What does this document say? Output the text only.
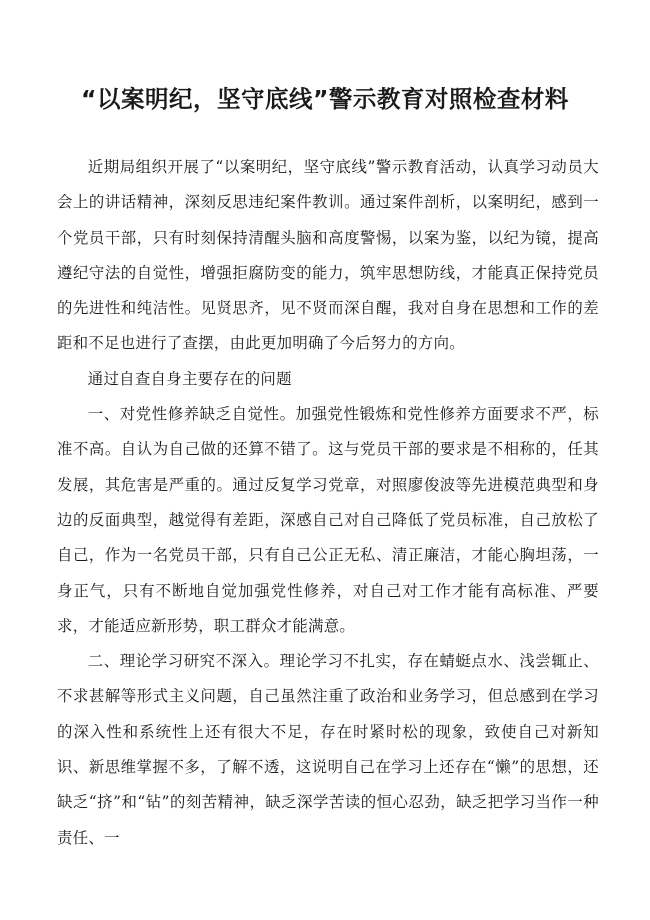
“以案明纪，坚守底线”警示教育对照检查材料

近期局组织开展了“以案明纪，坚守底线”警示教育活动，认真学习动员大会上的讲话精神，深刻反思违纪案件教训。通过案件剖析，以案明纪，感到一个党员干部，只有时刻保持清醒头脑和高度警惕，以案为鉴，以纪为镜，提高遵纪守法的自觉性，增强拒腐防变的能力，筑牢思想防线，才能真正保持党员的先进性和纯洁性。见贤思齐，见不贤而深自醒，我对自身在思想和工作的差距和不足也进行了查摆，由此更加明确了今后努力的方向。

通过自查自身主要存在的问题

一、对党性修养缺乏自觉性。加强党性锻炼和党性修养方面要求不严，标准不高。自认为自己做的还算不错了。这与党员干部的要求是不相称的，任其发展，其危害是严重的。通过反复学习党章，对照廖俊波等先进模范典型和身边的反面典型，越觉得有差距，深感自己对自己降低了党员标准，自己放松了自己，作为一名党员干部，只有自己公正无私、清正廉洁，才能心胸坦荡，一身正气，只有不断地自觉加强党性修养，对自己对工作才能有高标准、严要求，才能适应新形势，职工群众才能满意。

二、理论学习研究不深入。理论学习不扎实，存在蜻蜓点水、浅尝辄止、不求甚解等形式主义问题，自己虽然注重了政治和业务学习，但总感到在学习的深入性和系统性上还有很大不足，存在时紧时松的现象，致使自己对新知识、新思维掌握不多，了解不透，这说明自己在学习上还存在“懒”的思想，还缺乏“挤”和“钻”的刻苦精神，缺乏深学苦读的恒心忍劲，缺乏把学习当作一种责任、一
